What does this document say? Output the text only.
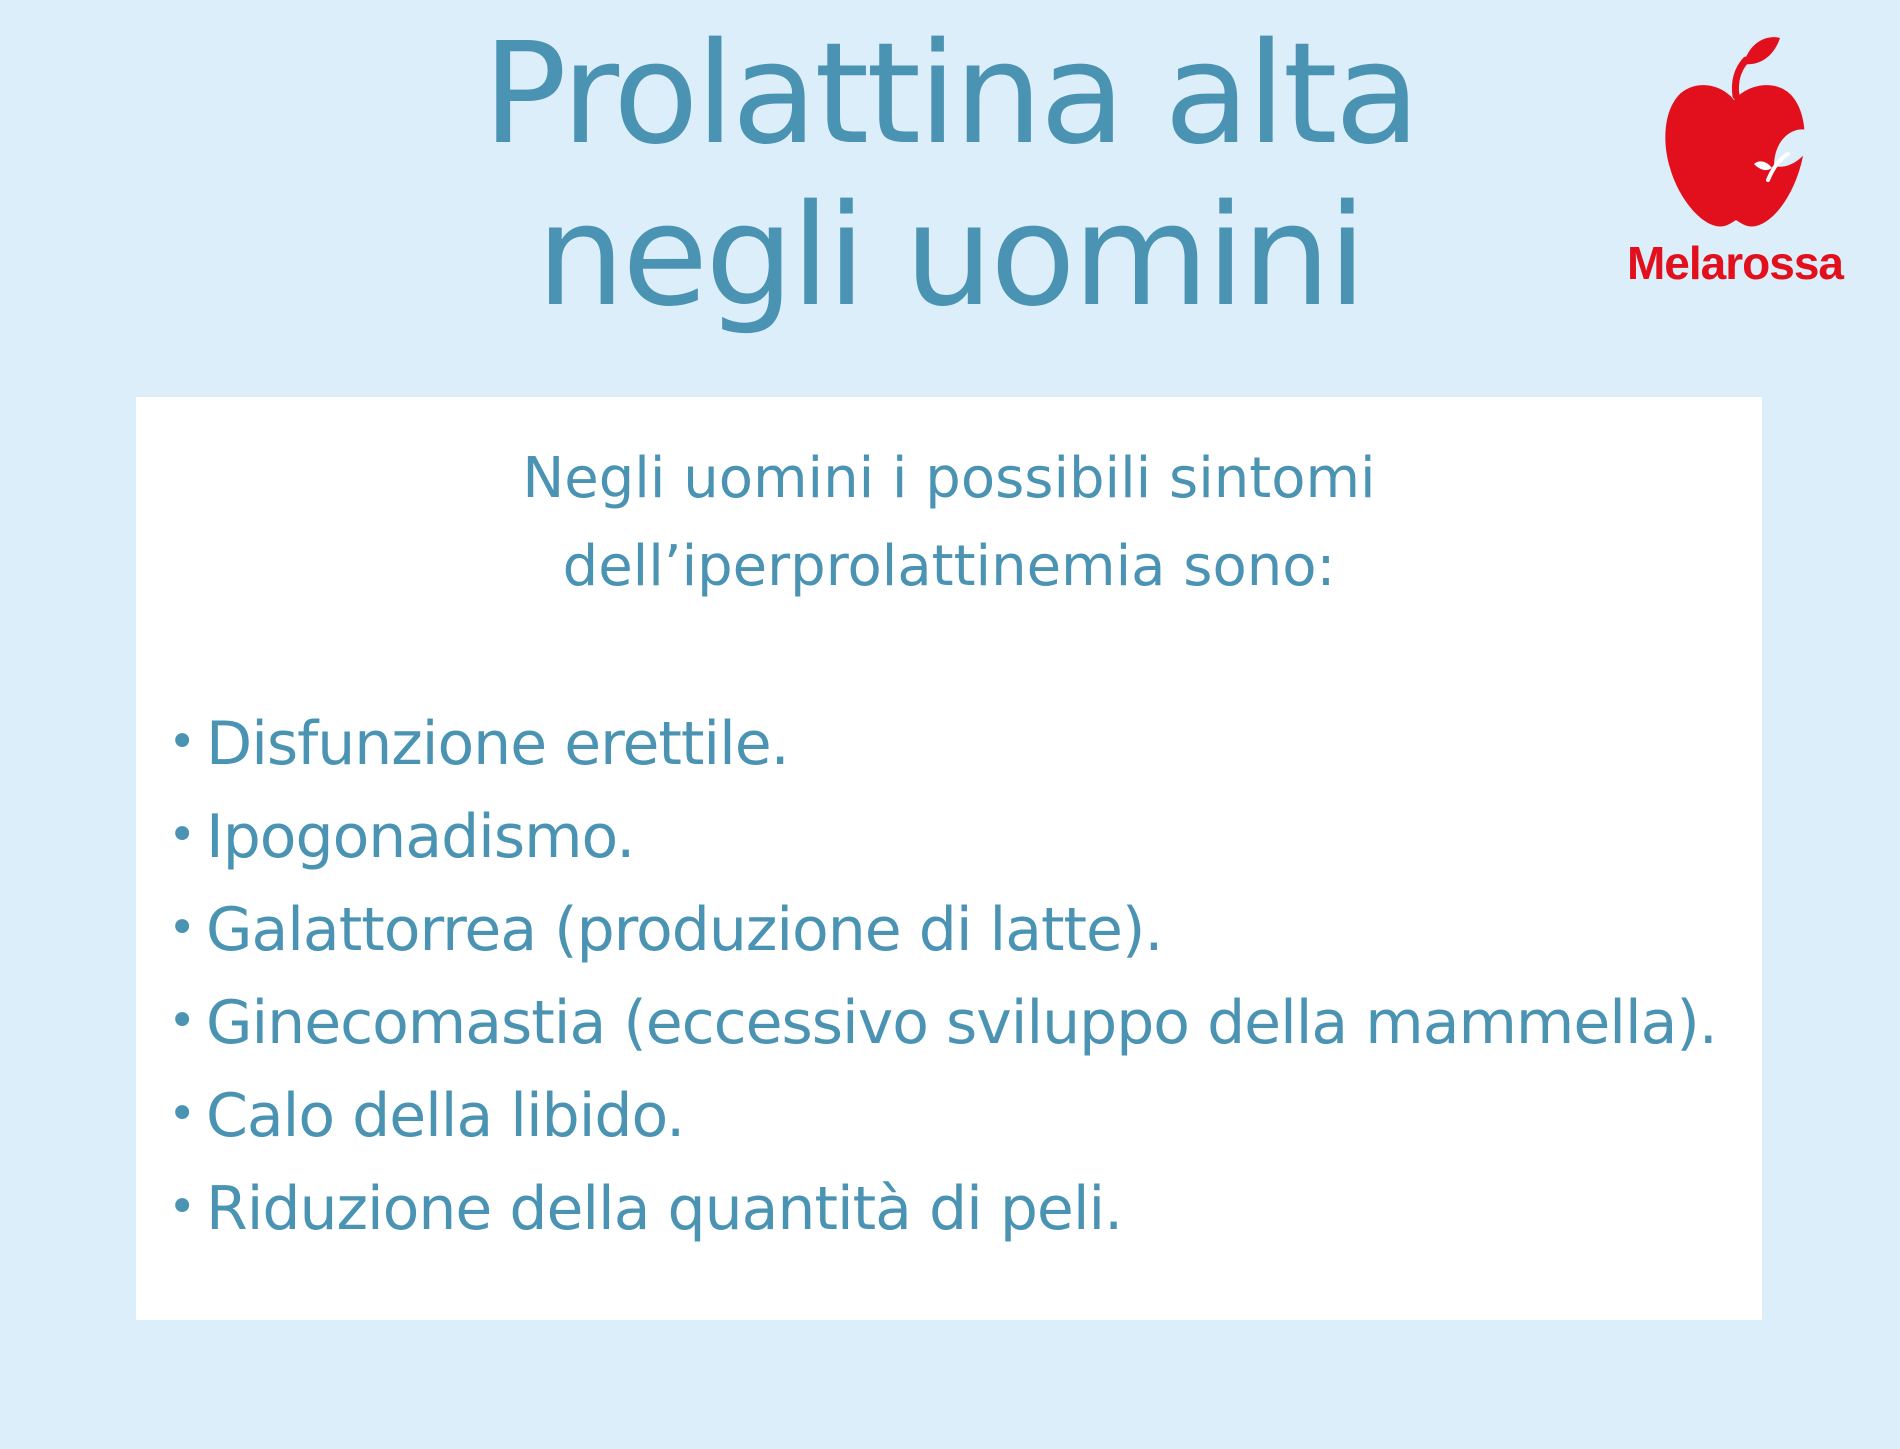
Prolattina alta
negli uomini	Melarossa

Negli uomini i possibili sintomi
dell’iperprolattinemia sono:

• Disfunzione erettile.
• Ipogonadismo.
• Galattorrea (produzione di latte).
• Ginecomastia (eccessivo sviluppo della mammella).
• Calo della libido.
• Riduzione della quantità di peli.
